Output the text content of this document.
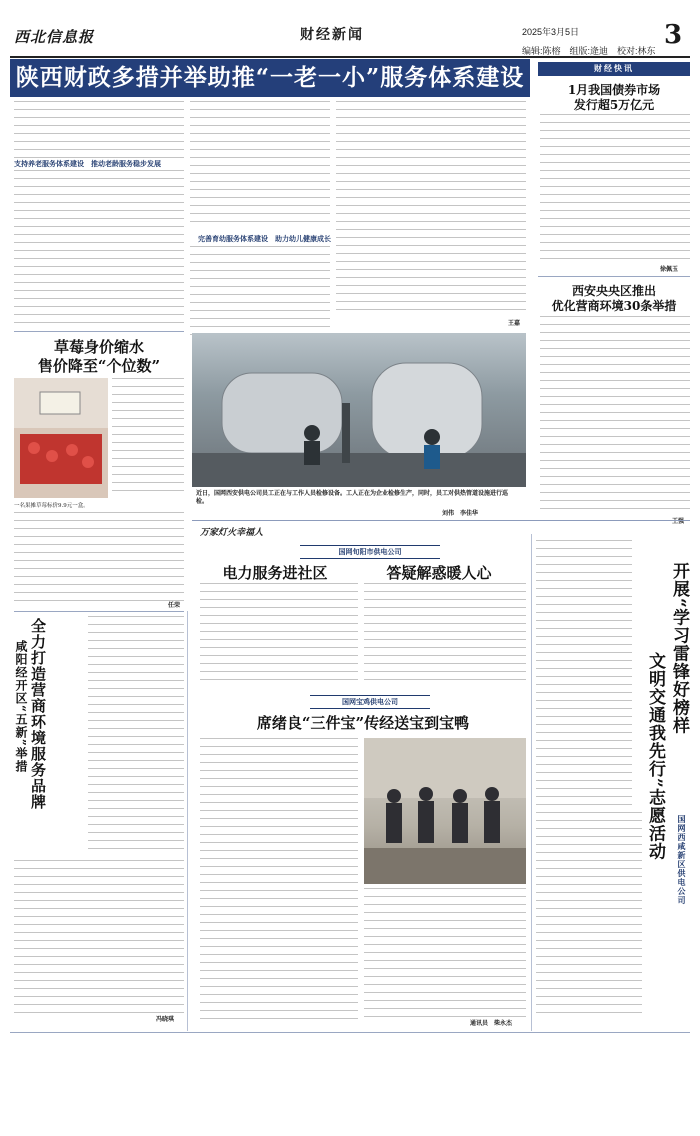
西北信息报	财经新闻	2025年3月5日	3
编辑:陈榕　组版:逄迪　校对:林东
陕西财政多措并举助推“一老一小”服务体系建设
支持养老服务体系建设　推动老龄服务稳步发展
完善育幼服务体系建设　助力幼儿健康成长
王嘉
近日，国网西安供电公司员工正在与工作人员检修设备。工人正在为企业检修生产，同时，员工对供热管道设施进行巡检。
刘伟　李佳华
草莓身价缩水
售价降至“个位数”
一名果摊草莓标价9.9元一盒。
任荣
财经快讯
1月我国债券市场
发行超5万亿元
徐佩玉
西安央央区推出
优化营商环境30条举措
王强
全力打造营商环境服务品牌
咸阳经开区“五新”举措
冯晓琪
万家灯火幸福人
国网旬阳市供电公司
电力服务进社区	答疑解惑暖人心
国网宝鸡供电公司
席绪良“三件宝”传经送宝到宝鸭
通讯员　柴永杰
开展“学习雷锋好榜样
文明交通我先行”志愿活动 国网西咸新区供电公司
